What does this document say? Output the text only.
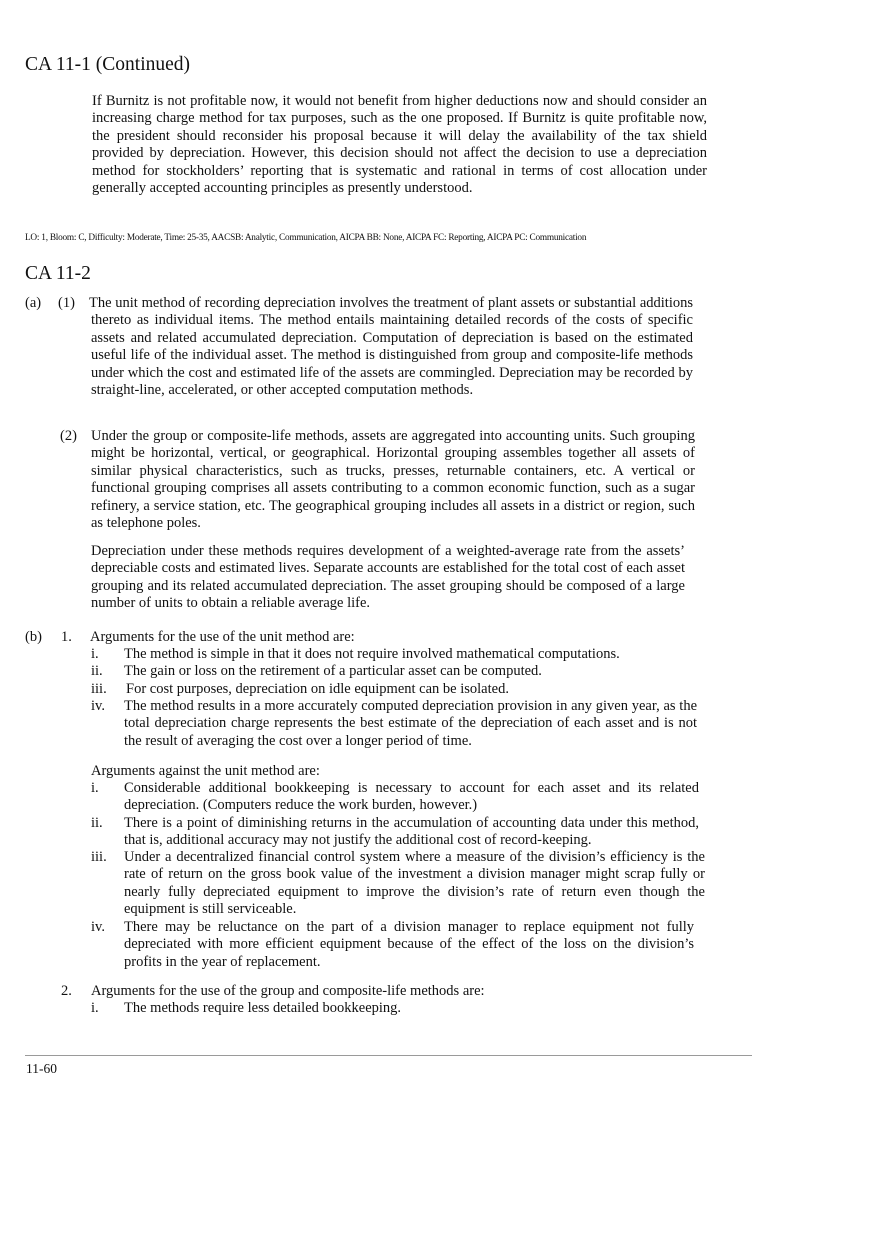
CA 11-1 (Continued)

If Burnitz is not profitable now, it would not benefit from higher deductions now and should consider an increasing charge method for tax purposes, such as the one proposed. If Burnitz is quite profitable now, the president should reconsider his proposal because it will delay the availability of the tax shield provided by depreciation. However, this decision should not affect the decision to use a depreciation method for stockholders’ reporting that is systematic and rational in terms of cost allocation under generally accepted accounting principles as presently understood.

LO: 1, Bloom: C, Difficulty: Moderate, Time: 25-35, AACSB: Analytic, Communication, AICPA BB: None, AICPA FC: Reporting, AICPA PC: Communication
CA 11-2
(a) (1) The unit method of recording depreciation involves the treatment of plant assets or substantial additions thereto as individual items. The method entails maintaining detailed records of the costs of specific assets and related accumulated depreciation. Computation of depreciation is based on the estimated useful life of the individual asset. The method is distinguished from group and composite-life methods under which the cost and estimated life of the assets are commingled. Depreciation may be recorded by straight-line, accelerated, or other accepted computation methods.

(2) Under the group or composite-life methods, assets are aggregated into accounting units. Such grouping might be horizontal, vertical, or geographical. Horizontal grouping assembles together all assets of similar physical characteristics, such as trucks, presses, returnable containers, etc. A vertical or functional grouping comprises all assets contributing to a common economic function, such as a sugar refinery, a service station, etc. The geographical grouping includes all assets in a district or region, such as telephone poles.

Depreciation under these methods requires development of a weighted-average rate from the assets’ depreciable costs and estimated lives. Separate accounts are established for the total cost of each asset grouping and its related accumulated depreciation. The asset grouping should be composed of a large number of units to obtain a reliable average life.

(b) 1. Arguments for the use of the unit method are:
i.	The method is simple in that it does not require involved mathematical computations.
ii.	The gain or loss on the retirement of a particular asset can be computed.
iii.	For cost purposes, depreciation on idle equipment can be isolated.
iv.	The method results in a more accurately computed depreciation provision in any given year, as the total depreciation charge represents the best estimate of the depreciation of each asset and is not the result of averaging the cost over a longer period of time.
Arguments against the unit method are:
i.	Considerable additional bookkeeping is necessary to account for each asset and its related depreciation. (Computers reduce the work burden, however.)
ii.	There is a point of diminishing returns in the accumulation of accounting data under this method, that is, additional accuracy may not justify the additional cost of record-keeping.
iii.	Under a decentralized financial control system where a measure of the division’s efficiency is the rate of return on the gross book value of the investment a division manager might scrap fully or nearly fully depreciated equipment to improve the division’s rate of return even though the equipment is still serviceable.
iv.	There may be reluctance on the part of a division manager to replace equipment not fully depreciated with more efficient equipment because of the effect of the loss on the division’s profits in the year of replacement.
2. Arguments for the use of the group and composite-life methods are:
i.	The methods require less detailed bookkeeping.
11-60
